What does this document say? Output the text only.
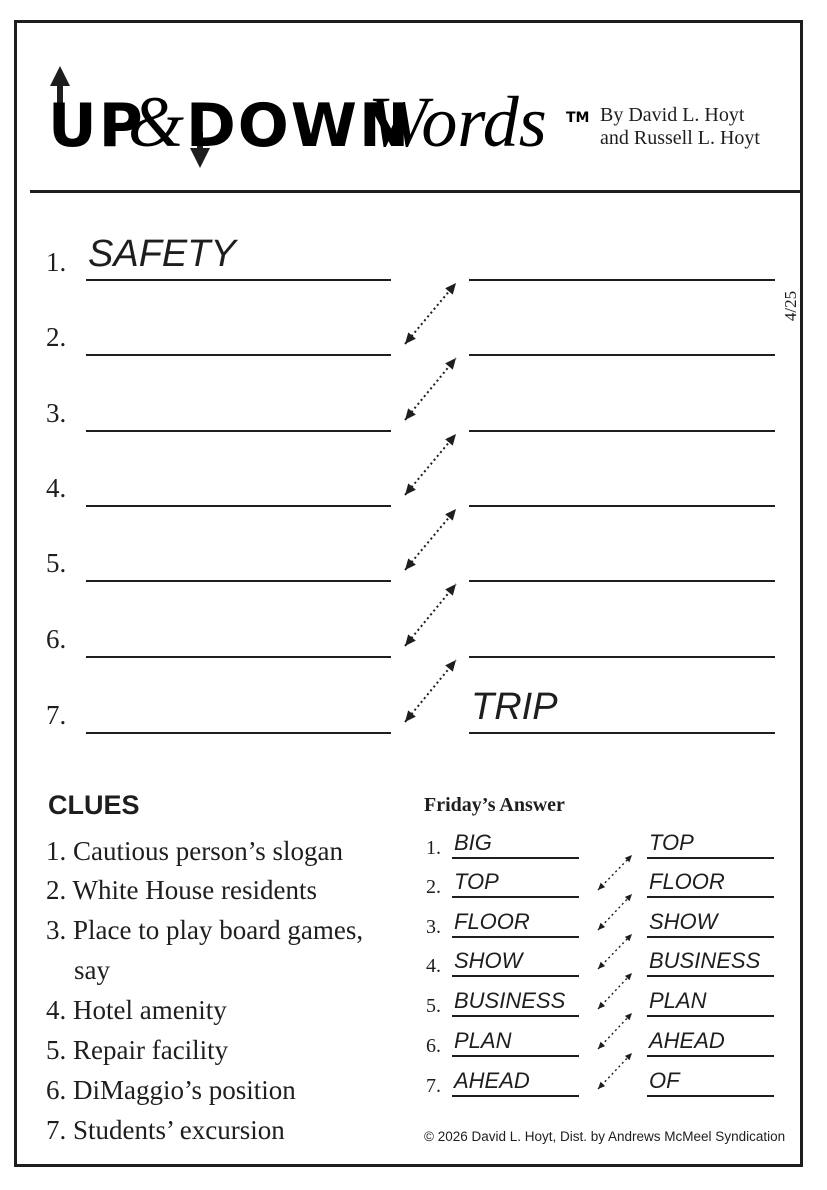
UP
& DOWN
Words TM By David L. Hoyt
and Russell L. Hoyt
4/25
1. SAFETY
2.
3.
4.
5.
6.
7.	TRIP
CLUES
1. Cautious person’s slogan
2. White House residents
3. Place to play board games,
say
4. Hotel amenity
5. Repair facility
6. DiMaggio’s position
7. Students’ excursion
Friday’s Answer
1. BIG	TOP
2. TOP	FLOOR
3. FLOOR	SHOW
4. SHOW	BUSINESS
5. BUSINESS	PLAN
6. PLAN	AHEAD
7. AHEAD	OF
© 2026 David L. Hoyt, Dist. by Andrews McMeel Syndication
